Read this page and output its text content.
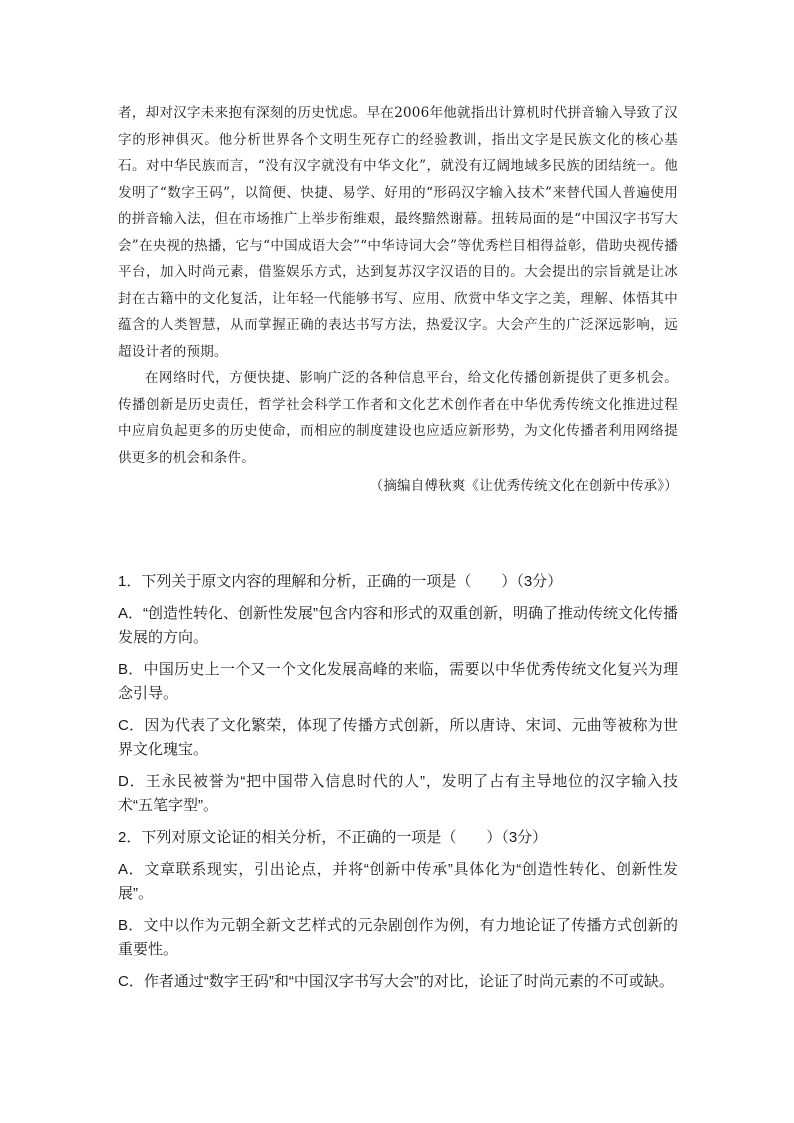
者，却对汉字未来抱有深刻的历史忧虑。早在2006年他就指出计算机时代拼音输入导致了汉字的形神俱灭。他分析世界各个文明生死存亡的经验教训，指出文字是民族文化的核心基石。对中华民族而言，“没有汉字就没有中华文化”，就没有辽阔地域多民族的团结统一。他发明了“数字王码”，以简便、快捷、易学、好用的“形码汉字输入技术”来替代国人普遍使用的拼音输入法，但在市场推广上举步衔维艰，最终黯然谢幕。扭转局面的是“中国汉字书写大会”在央视的热播，它与“中国成语大会”“中华诗词大会”等优秀栏目相得益彰，借助央视传播平台，加入时尚元素，借鉴娱乐方式，达到复苏汉字汉语的目的。大会提出的宗旨就是让冰封在古籍中的文化复活，让年轻一代能够书写、应用、欣赏中华文字之美，理解、体悟其中蕴含的人类智慧，从而掌握正确的表达书写方法，热爱汉字。大会产生的广泛深远影响，远超设计者的预期。

在网络时代，方便快捷、影响广泛的各种信息平台，给文化传播创新提供了更多机会。传播创新是历史责任，哲学社会科学工作者和文化艺术创作者在中华优秀传统文化推进过程中应肩负起更多的历史使命，而相应的制度建设也应适应新形势，为文化传播者利用网络提供更多的机会和条件。

（摘编自傅秋爽《让优秀传统文化在创新中传承》）

1．下列关于原文内容的理解和分析，正确的一项是（　　）（3分）

A．“创造性转化、创新性发展”包含内容和形式的双重创新，明确了推动传统文化传播发展的方向。

B．中国历史上一个又一个文化发展高峰的来临，需要以中华优秀传统文化复兴为理念引导。

C．因为代表了文化繁荣，体现了传播方式创新，所以唐诗、宋词、元曲等被称为世界文化瑰宝。

D．王永民被誉为“把中国带入信息时代的人”，发明了占有主导地位的汉字输入技术“五笔字型”。

2．下列对原文论证的相关分析，不正确的一项是（　　）（3分）

A．文章联系现实，引出论点，并将“创新中传承”具体化为“创造性转化、创新性发展”。

B．文中以作为元朝全新文艺样式的元杂剧创作为例，有力地论证了传播方式创新的重要性。

C．作者通过“数字王码”和“中国汉字书写大会”的对比，论证了时尚元素的不可或缺。
